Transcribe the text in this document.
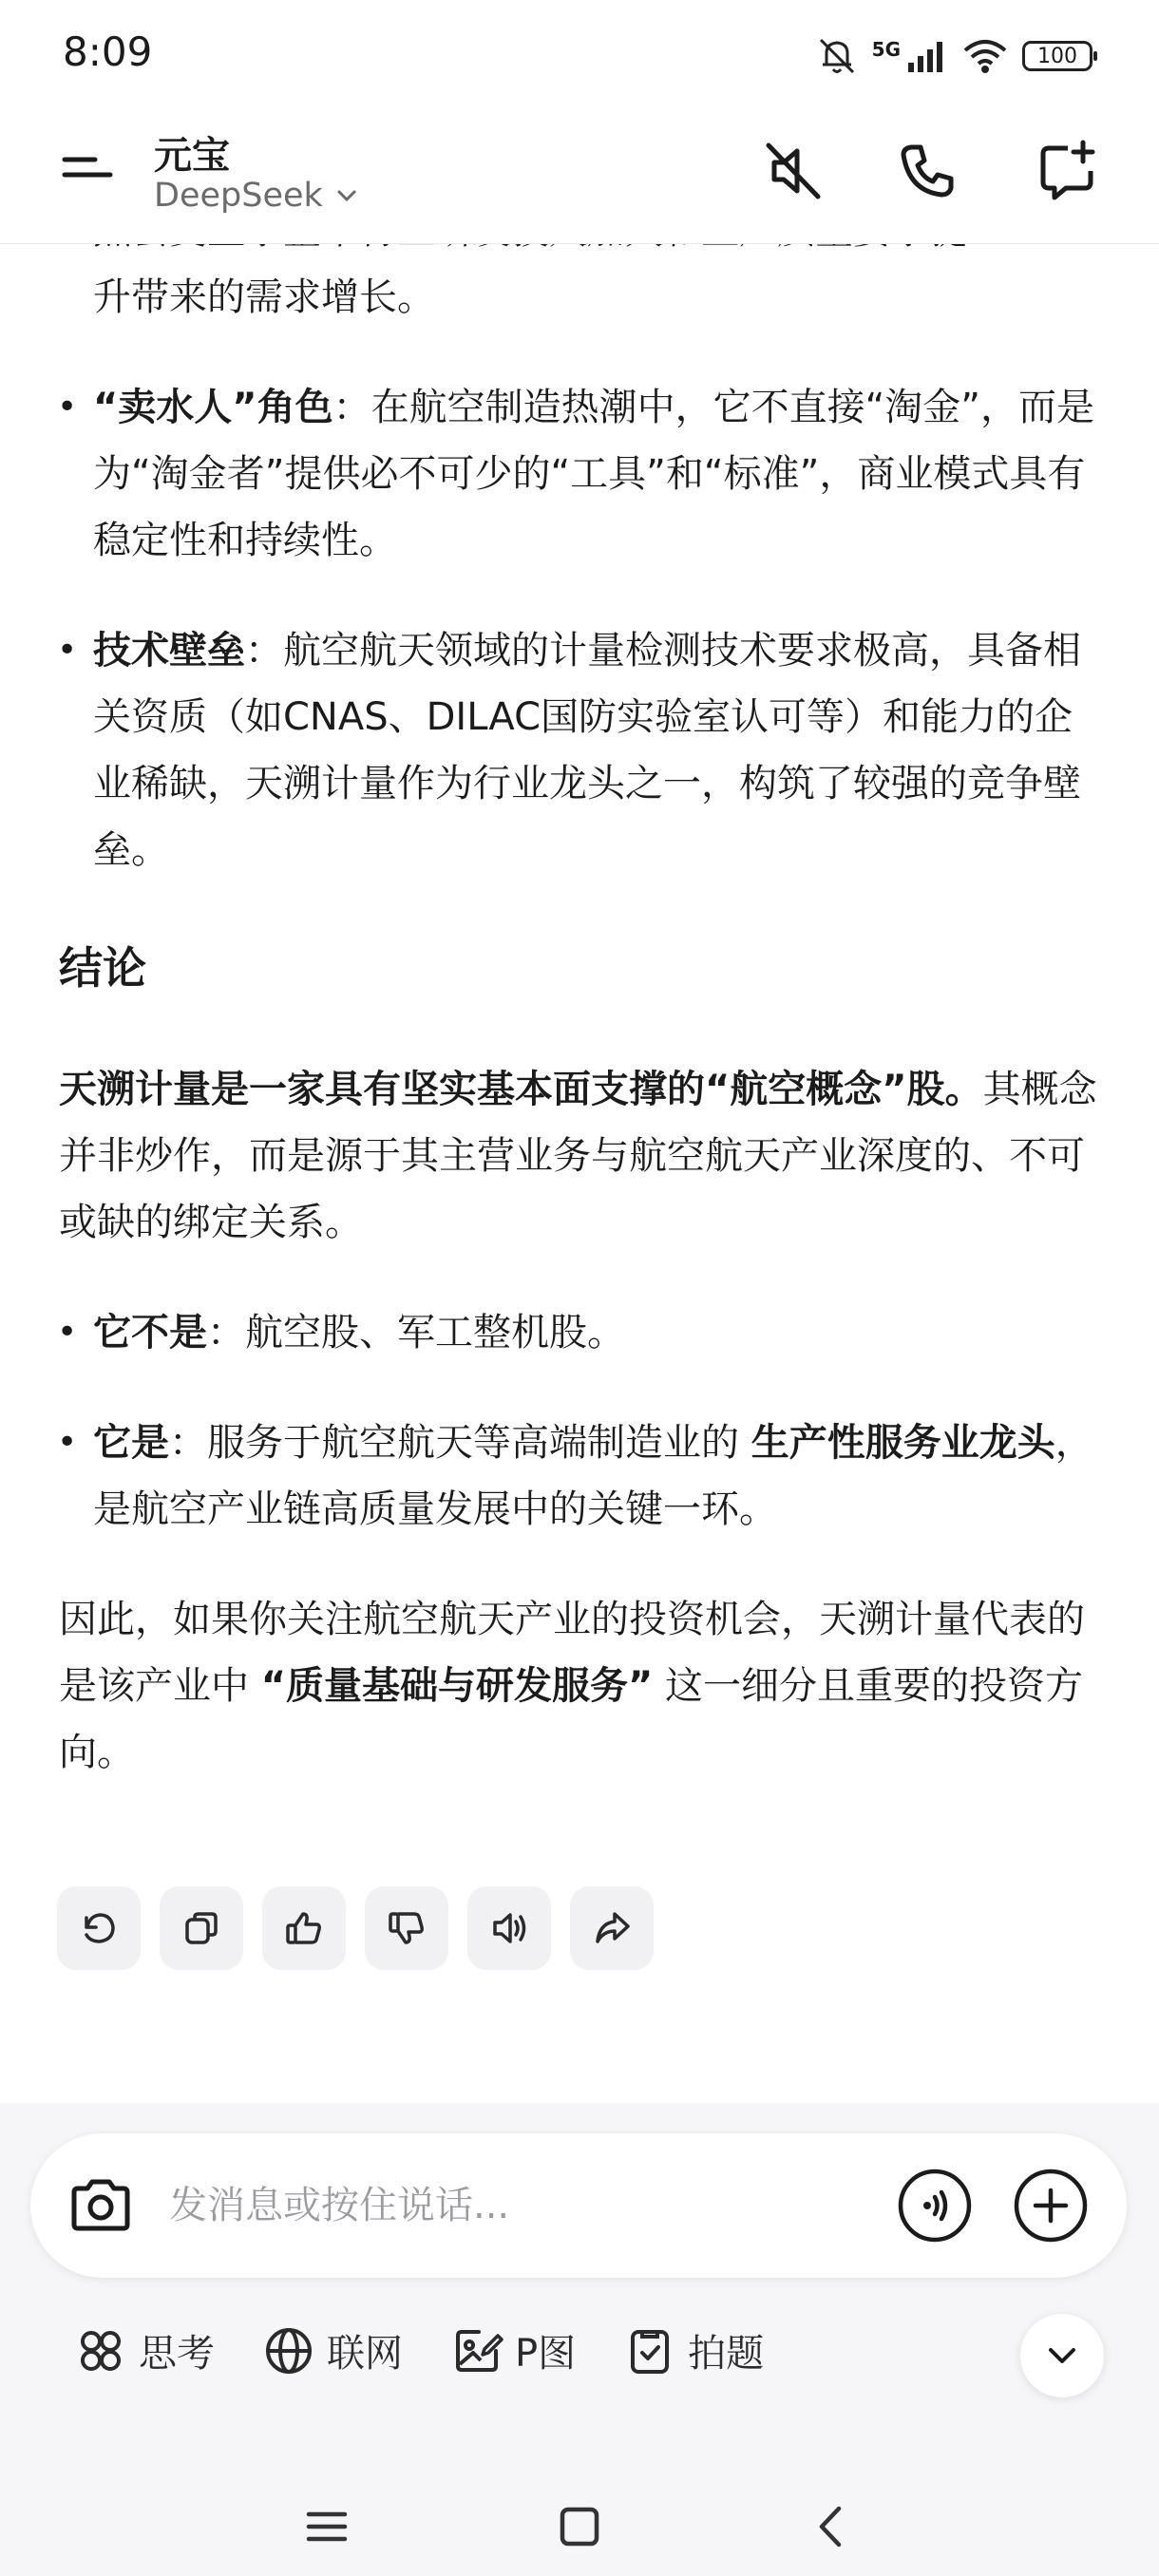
8:09	5G	100
元宝
DeepSeek
•
升带来的需求增长。
• “卖水人”角色：在航空制造热潮中，它不直接“淘金”，而是为“淘金者”提供必不可少的“工具”和“标准”，商业模式具有稳定性和持续性。
• 技术壁垒：航空航天领域的计量检测技术要求极高，具备相关资质（如CNAS、DILAC国防实验室认可等）和能力的企业稀缺，天溯计量作为行业龙头之一，构筑了较强的竞争壁垒。
结论

天溯计量是一家具有坚实基本面支撑的“航空概念”股。其概念并非炒作，而是源于其主营业务与航空航天产业深度的、不可或缺的绑定关系。

• 它不是：航空股、军工整机股。
• 它是：服务于航空航天等高端制造业的 生产性服务业龙头，是航空产业链高质量发展中的关键一环。

因此，如果你关注航空航天产业的投资机会，天溯计量代表的是该产业中 “质量基础与研发服务” 这一细分且重要的投资方向。

发消息或按住说话...
思考	联网	P图	拍题
